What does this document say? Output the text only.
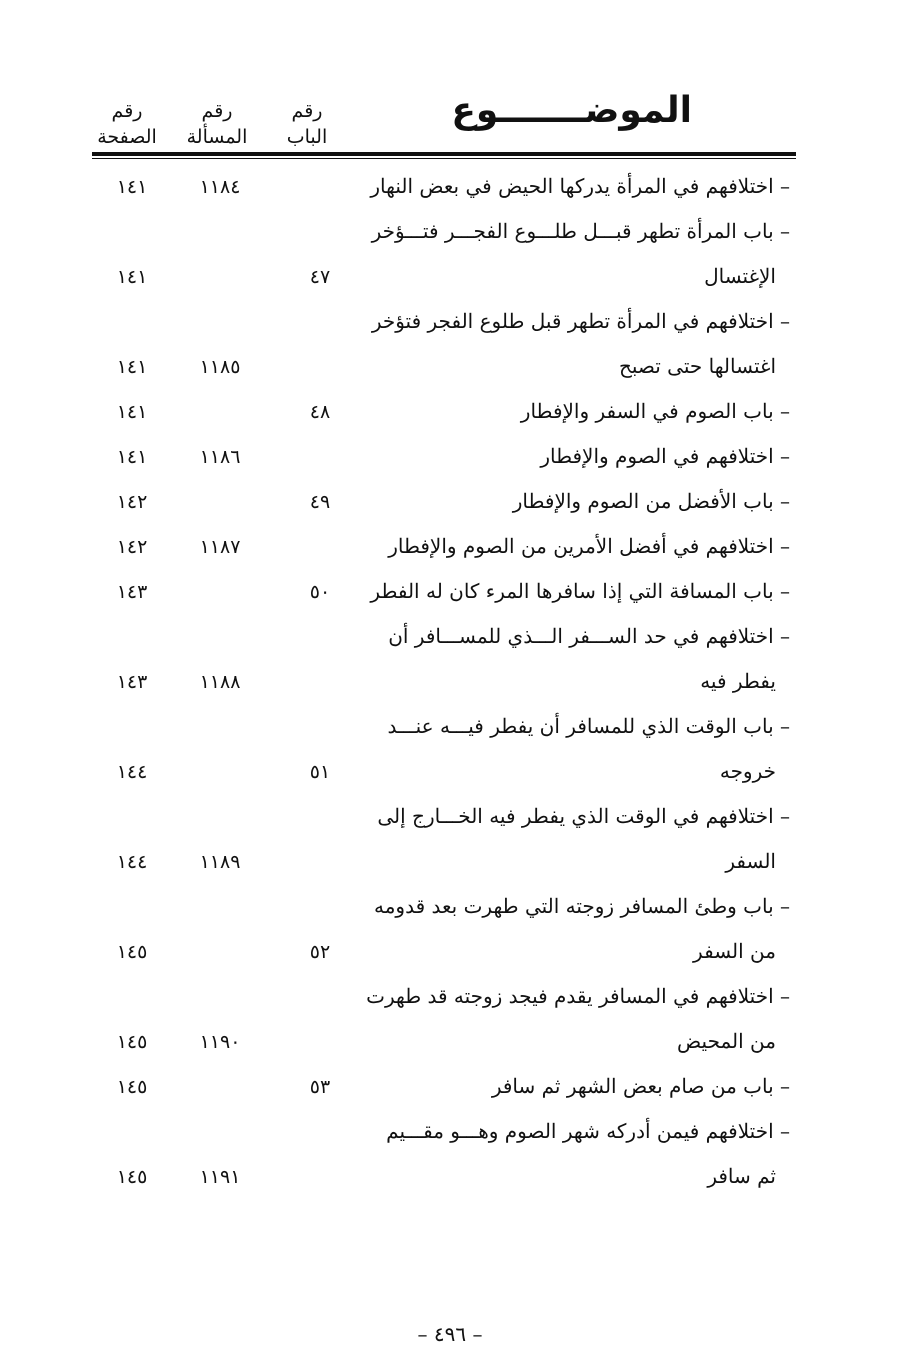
الموضـــــــوع
رقم
الباب
رقم
المسألة
رقم
الصفحة
– اختلافهم في المرأة يدركها الحيض في بعض النهار
١١٨٤
١٤١
– باب المرأة تطهر قبـــل طلـــوع الفجـــر فتـــؤخر
الإغتسال
٤٧
١٤١
– اختلافهم في المرأة تطهر قبل طلوع الفجر فتؤخر
اغتسالها حتى تصبح
١١٨٥
١٤١
– باب الصوم في السفر والإفطار
٤٨
١٤١
– اختلافهم في الصوم والإفطار
١١٨٦
١٤١
– باب الأفضل من الصوم والإفطار
٤٩
١٤٢
– اختلافهم في أفضل الأمرين من الصوم والإفطار
١١٨٧
١٤٢
– باب المسافة التي إذا سافرها المرء كان له الفطر
٥٠
١٤٣
– اختلافهم في حد الســـفر الـــذي للمســـافر أن
يفطر فيه
١١٨٨
١٤٣
– باب الوقت الذي للمسافر أن يفطر فيـــه عنـــد
خروجه
٥١
١٤٤
– اختلافهم في الوقت الذي يفطر فيه الخـــارج إلى
السفر
١١٨٩
١٤٤
– باب وطئ المسافر زوجته التي طهرت بعد قدومه
من السفر
٥٢
١٤٥
– اختلافهم في المسافر يقدم فيجد زوجته قد طهرت
من المحيض
١١٩٠
١٤٥
– باب من صام بعض الشهر ثم سافر
٥٣
١٤٥
– اختلافهم فيمن أدركه شهر الصوم وهـــو مقـــيم
ثم سافر
١١٩١
١٤٥
– ٤٩٦ –
